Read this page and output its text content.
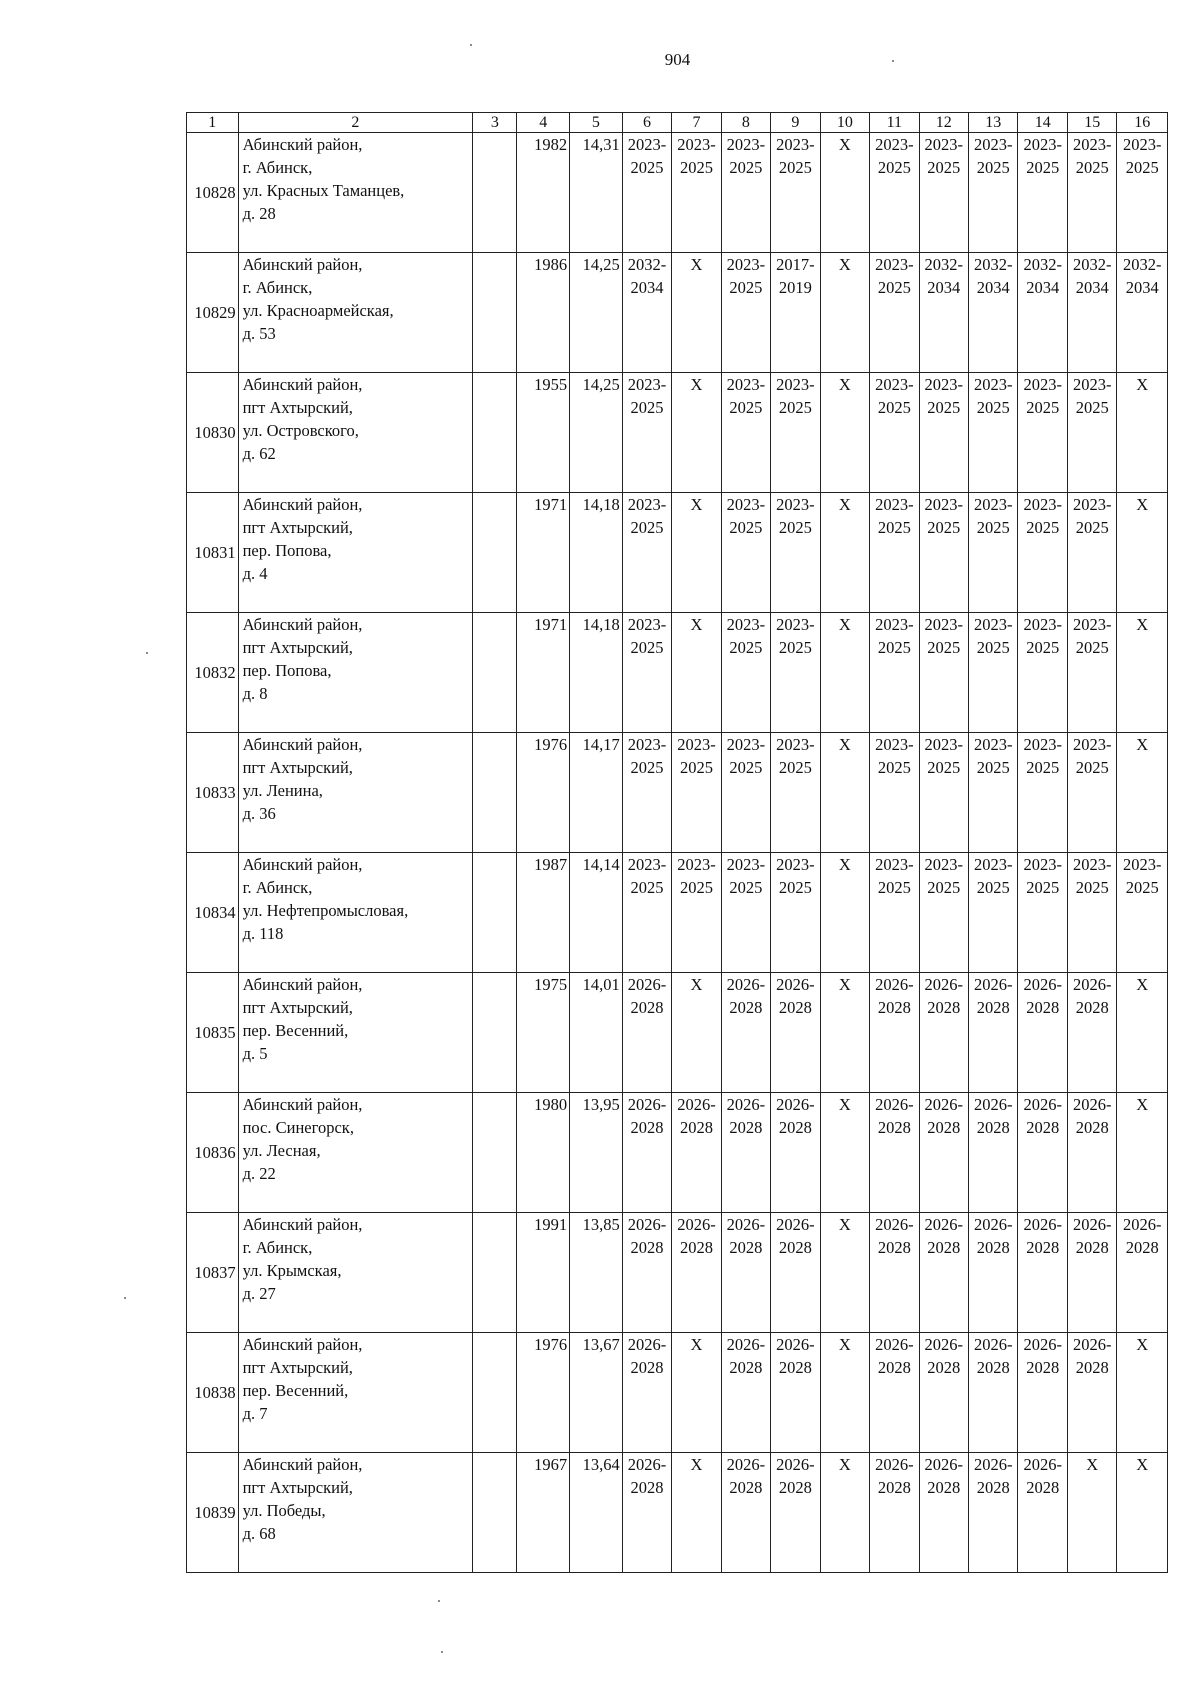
904
1	2	3	4	5	6	7	8	9	10	11	12	13	14	15	16
10828	Абинский район,
г. Абинск,
ул. Красных Таманцев,
д. 28		1982	14,31	2023-
2025	2023-
2025	2023-
2025	2023-
2025	X	2023-
2025	2023-
2025	2023-
2025	2023-
2025	2023-
2025	2023-
2025

10829	Абинский район,
г. Абинск,
ул. Красноармейская,
д. 53		1986	14,25	2032-
2034	X	2023-
2025	2017-
2019	X	2023-
2025	2032-
2034	2032-
2034	2032-
2034	2032-
2034	2032-
2034

10830	Абинский район,
пгт Ахтырский,
ул. Островского,
д. 62		1955	14,25	2023-
2025	X	2023-
2025	2023-
2025	X	2023-
2025	2023-
2025	2023-
2025	2023-
2025	2023-
2025	X

10831	Абинский район,
пгт Ахтырский,
пер. Попова,
д. 4		1971	14,18	2023-
2025	X	2023-
2025	2023-
2025	X	2023-
2025	2023-
2025	2023-
2025	2023-
2025	2023-
2025	X

10832	Абинский район,
пгт Ахтырский,
пер. Попова,
д. 8		1971	14,18	2023-
2025	X	2023-
2025	2023-
2025	X	2023-
2025	2023-
2025	2023-
2025	2023-
2025	2023-
2025	X

10833	Абинский район,
пгт Ахтырский,
ул. Ленина,
д. 36		1976	14,17	2023-
2025	2023-
2025	2023-
2025	2023-
2025	X	2023-
2025	2023-
2025	2023-
2025	2023-
2025	2023-
2025	X

10834	Абинский район,
г. Абинск,
ул. Нефтепромысловая,
д. 118		1987	14,14	2023-
2025	2023-
2025	2023-
2025	2023-
2025	X	2023-
2025	2023-
2025	2023-
2025	2023-
2025	2023-
2025	2023-
2025

10835	Абинский район,
пгт Ахтырский,
пер. Весенний,
д. 5		1975	14,01	2026-
2028	X	2026-
2028	2026-
2028	X	2026-
2028	2026-
2028	2026-
2028	2026-
2028	2026-
2028	X

10836	Абинский район,
пос. Синегорск,
ул. Лесная,
д. 22		1980	13,95	2026-
2028	2026-
2028	2026-
2028	2026-
2028	X	2026-
2028	2026-
2028	2026-
2028	2026-
2028	2026-
2028	X

10837	Абинский район,
г. Абинск,
ул. Крымская,
д. 27		1991	13,85	2026-
2028	2026-
2028	2026-
2028	2026-
2028	X	2026-
2028	2026-
2028	2026-
2028	2026-
2028	2026-
2028	2026-
2028

10838	Абинский район,
пгт Ахтырский,
пер. Весенний,
д. 7		1976	13,67	2026-
2028	X	2026-
2028	2026-
2028	X	2026-
2028	2026-
2028	2026-
2028	2026-
2028	2026-
2028	X

10839	Абинский район,
пгт Ахтырский,
ул. Победы,
д. 68		1967	13,64	2026-
2028	X	2026-
2028	2026-
2028	X	2026-
2028	2026-
2028	2026-
2028	2026-
2028	X	X
